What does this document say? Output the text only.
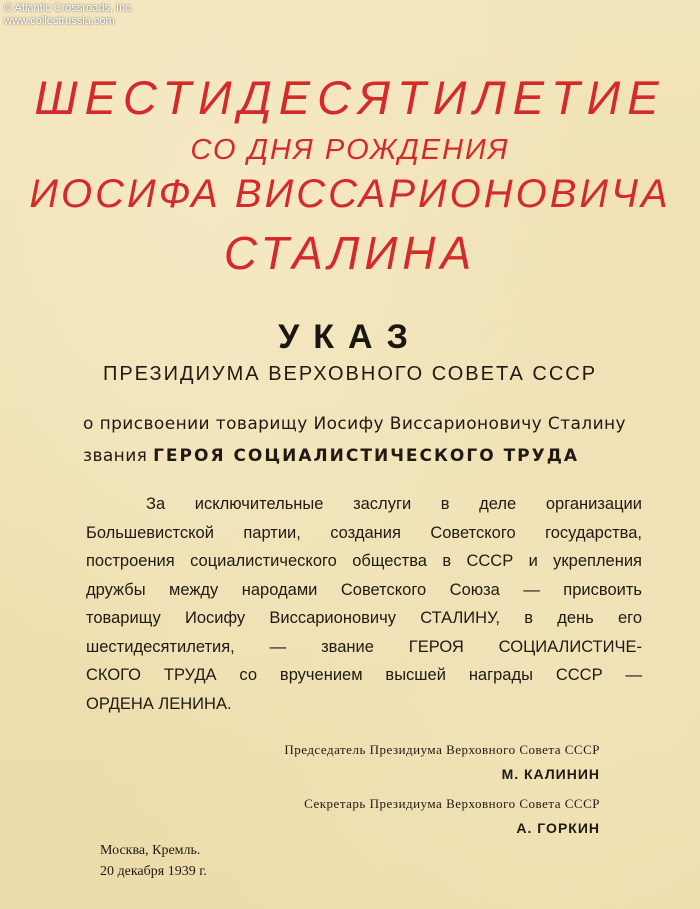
© Atlantic Crossroads, Inc.
www.collectrussia.com
ШЕСТИДЕСЯТИЛЕТИЕ
СО ДНЯ РОЖДЕНИЯ
ИОСИФА ВИССАРИОНОВИЧА
СТАЛИНА
УКАЗ
ПРЕЗИДИУМА ВЕРХОВНОГО СОВЕТА СССР
о присвоении товарищу Иосифу Виссарионовичу Сталину
звания ГЕРОЯ СОЦИАЛИСТИЧЕСКОГО ТРУДА
За исключительные заслуги в деле организации
Большевистской партии, создания Советского государства,
построения социалистического общества в СССР и укрепления
дружбы между народами Советского Союза — присвоить
товарищу Иосифу Виссарионовичу СТАЛИНУ, в день его
шестидесятилетия, — звание ГЕРОЯ СОЦИАЛИСТИЧЕ-
СКОГО ТРУДА со вручением высшей награды СССР —
ОРДЕНА ЛЕНИНА.
Председатель Президиума Верховного Совета СССР
М. КАЛИНИН
Секретарь Президиума Верховного Совета СССР
А. ГОРКИН
Москва, Кремль.
20 декабря 1939 г.
